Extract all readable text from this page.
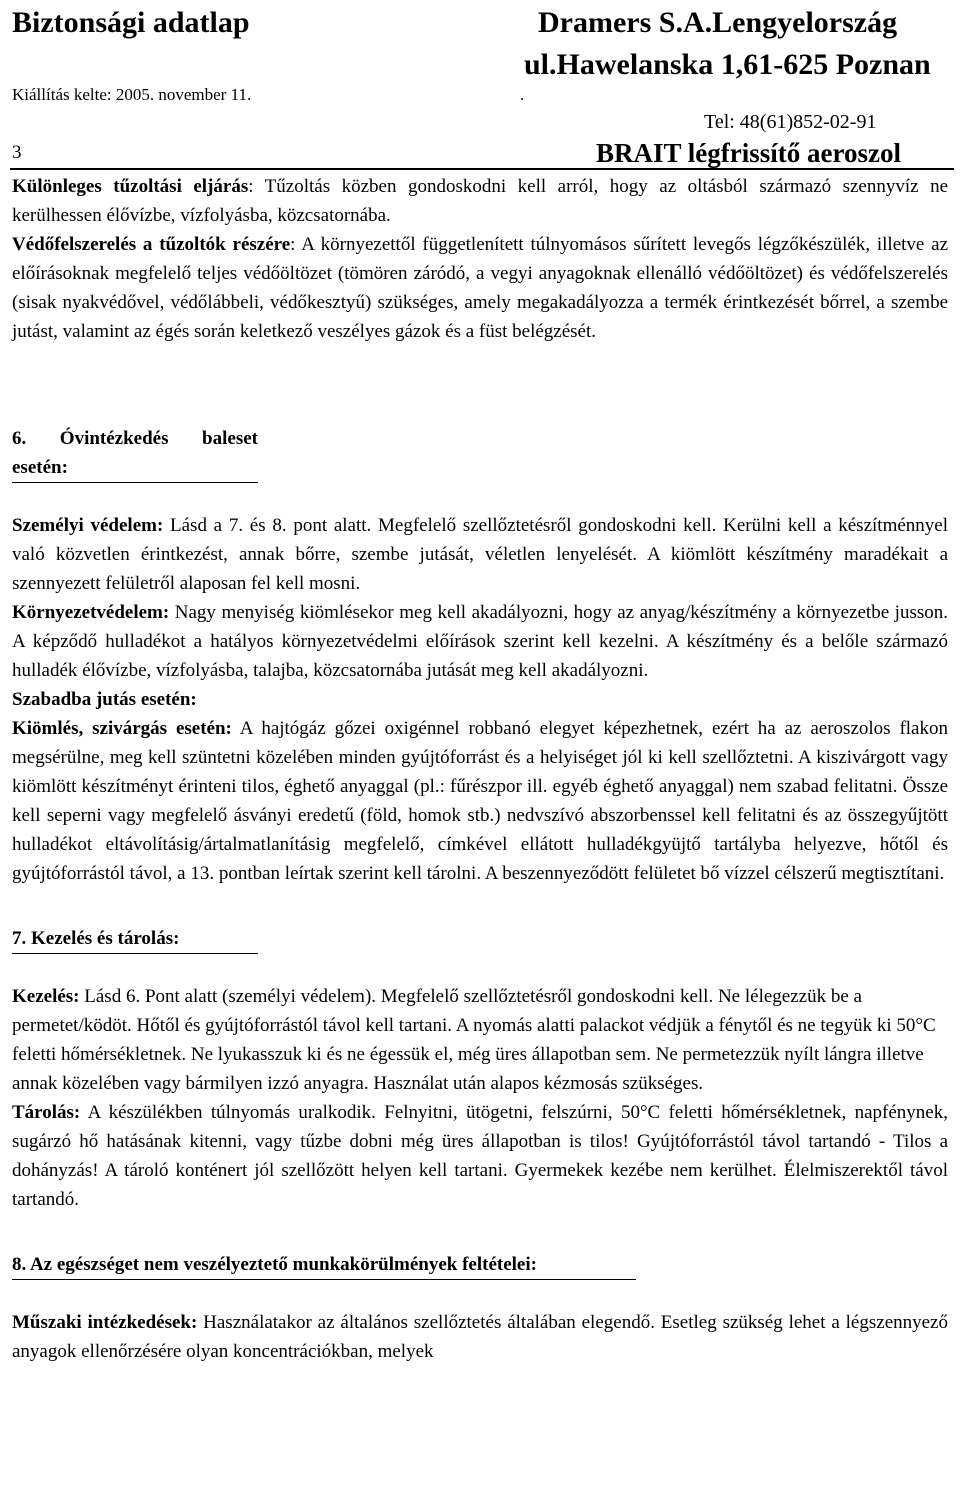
Biztonsági adatlap	Dramers S.A.Lengyelország
ul.Hawelanska 1,61-625 Poznan
Kiállítás kelte: 2005. november 11.	.
Tel: 48(61)852-02-91
3	BRAIT légfrissítő aeroszol

Különleges tűzoltási eljárás: Tűzoltás közben gondoskodni kell arról, hogy az oltásból származó szennyvíz ne kerülhessen élővízbe, vízfolyásba, közcsatornába.

Védőfelszerelés a tűzoltók részére: A környezettől függetlenített túlnyomásos sűrített levegős légzőkészülék, illetve az előírásoknak megfelelő teljes védőöltözet (tömören záródó, a vegyi anyagoknak ellenálló védőöltözet) és védőfelszerelés (sisak nyakvédővel, védőlábbeli, védőkesztyű) szükséges, amely megakadályozza a termék érintkezését bőrrel, a szembe jutást, valamint az égés során keletkező veszélyes gázok és a füst belégzését.

6. Óvintézkedés baleset esetén:

Személyi védelem: Lásd a 7. és 8. pont alatt. Megfelelő szellőztetésről gondoskodni kell. Kerülni kell a készítménnyel való közvetlen érintkezést, annak bőrre, szembe jutását, véletlen lenyelését. A kiömlött készítmény maradékait a szennyezett felületről alaposan fel kell mosni.

Környezetvédelem: Nagy menyiség kiömlésekor meg kell akadályozni, hogy az anyag/készítmény a környezetbe jusson. A képződő hulladékot a hatályos környezetvédelmi előírások szerint kell kezelni. A készítmény és a belőle származó hulladék élővízbe, vízfolyásba, talajba, közcsatornába jutását meg kell akadályozni.

Szabadba jutás esetén:

Kiömlés, szivárgás esetén: A hajtógáz gőzei oxigénnel robbanó elegyet képezhetnek, ezért ha az aeroszolos flakon megsérülne, meg kell szüntetni közelében minden gyújtóforrást és a helyiséget jól ki kell szellőztetni. A kiszivárgott vagy kiömlött készítményt érinteni tilos, éghető anyaggal (pl.: fűrészpor ill. egyéb éghető anyaggal) nem szabad felitatni. Össze kell seperni vagy megfelelő ásványi eredetű (föld, homok stb.) nedvszívó abszorbenssel kell felitatni és az összegyűjtött hulladékot eltávolításig/ártalmatlanításig megfelelő, címkével ellátott hulladékgyüjtő tartályba helyezve, hőtől és gyújtóforrástól távol, a 13. pontban leírtak szerint kell tárolni. A beszennyeződött felületet bő vízzel célszerű megtisztítani.

7. Kezelés és tárolás:

Kezelés: Lásd 6. Pont alatt (személyi védelem). Megfelelő szellőztetésről gondoskodni kell. Ne lélegezzük be a permetet/ködöt. Hőtől és gyújtóforrástól távol kell tartani. A nyomás alatti palackot védjük a fénytől és ne tegyük ki 50°C feletti hőmérsékletnek. Ne lyukasszuk ki és ne égessük el, még üres állapotban sem. Ne permetezzük nyílt lángra illetve annak közelében vagy bármilyen izzó anyagra. Használat után alapos kézmosás szükséges.

Tárolás: A készülékben túlnyomás uralkodik. Felnyitni, ütögetni, felszúrni, 50°C feletti hőmérsékletnek, napfénynek, sugárzó hő hatásának kitenni, vagy tűzbe dobni még üres állapotban is tilos! Gyújtóforrástól távol tartandó - Tilos a dohányzás! A tároló konténert jól szellőzött helyen kell tartani. Gyermekek kezébe nem kerülhet. Élelmiszerektől távol tartandó.

8. Az egészséget nem veszélyeztető munkakörülmények feltételei:

Műszaki intézkedések: Használatakor az általános szellőztetés általában elegendő. Esetleg szükség lehet a légszennyező anyagok ellenőrzésére olyan koncentrációkban, melyek
